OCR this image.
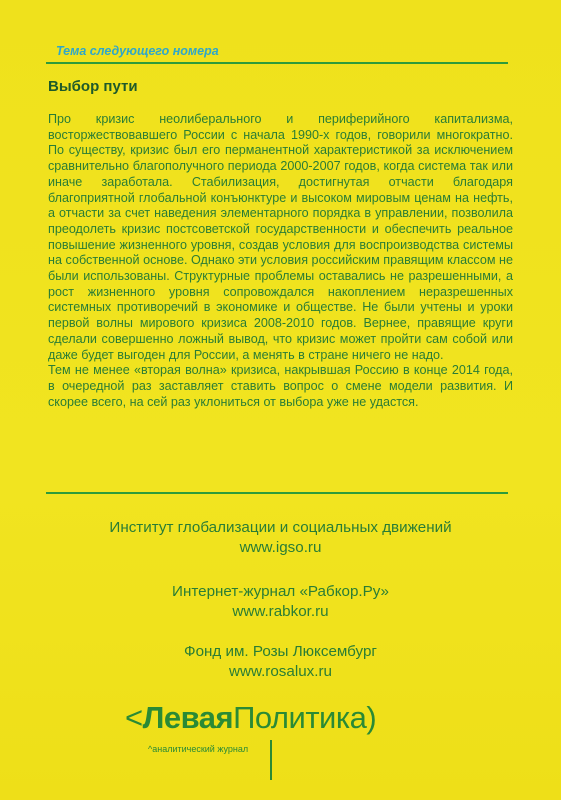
Тема следующего номера
Выбор пути

Про кризис неолиберального и периферийного капитализма, восторжествовавшего России с начала 1990-х годов, говорили многократно. По существу, кризис был его перманентной характеристикой за исключением сравнительно благополучного периода 2000-2007 годов, когда система так или иначе заработала. Стабилизация, достигнутая отчасти благодаря благоприятной глобальной конъюнктуре и высоком мировым ценам на нефть, а отчасти за счет наведения элементарного порядка в управлении, позволила преодолеть кризис постсоветской государственности и обеспечить реальное повышение жизненного уровня, создав условия для воспроизводства системы на собственной основе. Однако эти условия российским правящим классом не были использованы. Структурные проблемы оставались не разрешенными, а рост жизненного уровня сопровождался накоплением неразрешенных системных противоречий в экономике и обществе. Не были учтены и уроки первой волны мирового кризиса 2008-2010 годов. Вернее, правящие круги сделали совершенно ложный вывод, что кризис может пройти сам собой или даже будет выгоден для России, а менять в стране ничего не надо.

Тем не менее «вторая волна» кризиса, накрывшая Россию в конце 2014 года, в очередной раз заставляет ставить вопрос о смене модели развития. И скорее всего, на сей раз уклониться от выбора уже не удастся.

Институт глобализации и социальных движений
www.igso.ru
Интернет-журнал «Рабкор.Ру»
www.rabkor.ru
Фонд им. Розы Люксембург
www.rosalux.ru
<ЛеваяПолитика)
^аналитический журнал
